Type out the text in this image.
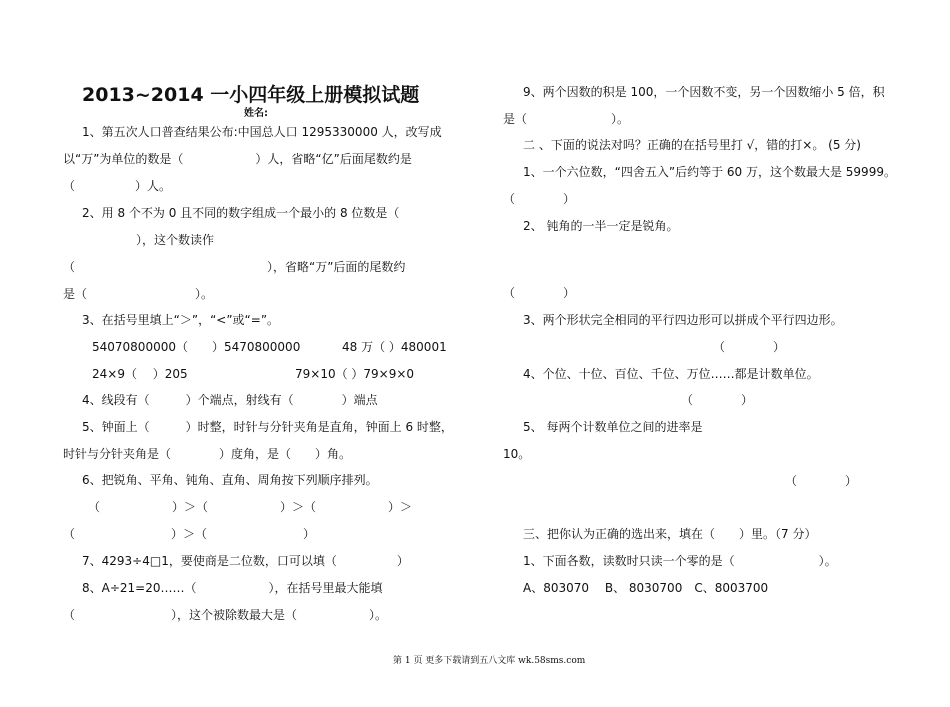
2013~2014 一小四年级上册模拟试题
姓名:
1、第五次人口普查结果公布:中国总人口 1295330000 人，改写成
以“万”为单位的数是（　　　　　　）人，省略“亿”后面尾数约是
（　　　　　）人。
2、用 8 个不为 0 且不同的数字组成一个最小的 8 位数是（
），这个数读作
（　　　　　　　　　　　　　　　　），省略“万”后面的尾数约
是（　　　　　　　　　）。
3、在括号里填上“＞”，“<”或“=”。
54070800000（　　）5470800000	48 万（ ）480001
24×9（　 ）205	79×10（ ）79×9×0
4、线段有（　　　）个端点，射线有（　　　　）端点
5、钟面上（　　　）时整，时针与分针夹角是直角，钟面上 6 时整，
时针与分针夹角是（　　　　）度角，是（　　）角。
6、把锐角、平角、钝角、直角、周角按下列顺序排列。
（　　　　　　）＞（　　　　　　）＞（　　　　　　）＞
（　　　　　　　　）＞（　　　　　　　　）
7、4293÷4□1，要使商是二位数，口可以填（　　　　　）
8、A÷21=20……（　　　　　　），在括号里最大能填
（　　　　　　　　），这个被除数最大是（　　　　　　）。
9、两个因数的积是 100，一个因数不变，另一个因数缩小 5 倍，积
是（　　　　　　　）。
二 、下面的说法对吗？正确的在括号里打 √，错的打×。 (5 分)
1、一个六位数，“四舍五入”后约等于 60 万，这个数最大是 59999。
（　　　　）
2、 钝角的一半一定是锐角。
（　　　　）
3、两个形状完全相同的平行四边形可以拼成个平行四边形。
（　　　　）
4、个位、十位、百位、千位、万位……都是计数单位。
（　　　　）
5、 每两个计数单位之间的进率是
10。
（　　　　）
三、把你认为正确的选出来，填在（　　）里。（7 分）
1、下面各数，读数时只读一个零的是（　　　　　　　）。
A、803070　 B、 8030700　C、8003700
第 1 页 更多下载请到五八文库 wk.58sms.com
